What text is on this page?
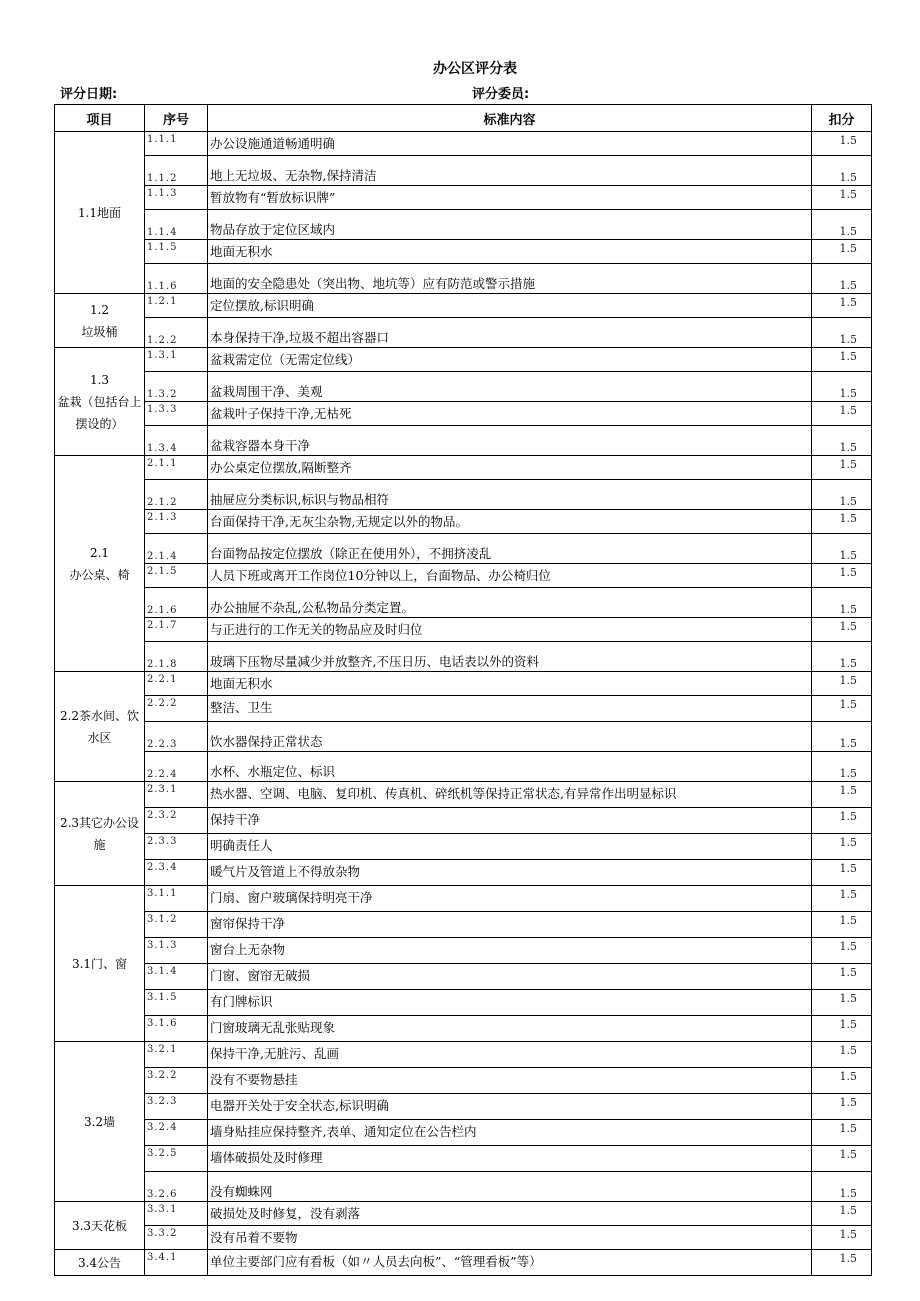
办公区评分表
评分日期:	评分委员:
项目	序号	标准内容	扣分
1.1地面	1.1.1	办公设施通道畅通明确	1.5
	1.1.2	地上无垃圾、无杂物,保持清洁	1.5
	1.1.3	暂放物有“暂放标识牌”	1.5
	1.1.4	物品存放于定位区域内	1.5
	1.1.5	地面无积水	1.5
	1.1.6	地面的安全隐患处（突出物、地坑等）应有防范或警示措施	1.5
1.2
垃圾桶	1.2.1	定位摆放,标识明确	1.5
	1.2.2	本身保持干净,垃圾不超出容器口	1.5
1.3
盆栽（包括台上摆设的）	1.3.1	盆栽需定位（无需定位线）	1.5
	1.3.2	盆栽周围干净、美观	1.5
	1.3.3	盆栽叶子保持干净,无枯死	1.5
	1.3.4	盆栽容器本身干净	1.5
2.1
办公桌、椅	2.1.1	办公桌定位摆放,隔断整齐	1.5
	2.1.2	抽屉应分类标识,标识与物品相符	1.5
	2.1.3	台面保持干净,无灰尘杂物,无规定以外的物品。	1.5
	2.1.4	台面物品按定位摆放（除正在使用外），不拥挤凌乱	1.5
	2.1.5	人员下班或离开工作岗位10分钟以上，台面物品、办公椅归位	1.5
	2.1.6	办公抽屉不杂乱,公私物品分类定置。	1.5
	2.1.7	与正进行的工作无关的物品应及时归位	1.5
	2.1.8	玻璃下压物尽量减少并放整齐,不压日历、电话表以外的资料	1.5
2.2茶水间、饮水区	2.2.1	地面无积水	1.5
	2.2.2	整洁、卫生	1.5
	2.2.3	饮水器保持正常状态	1.5
	2.2.4	水杯、水瓶定位、标识	1.5
2.3其它办公设施	2.3.1	热水器、空调、电脑、复印机、传真机、碎纸机等保持正常状态,有异常作出明显标识	1.5
	2.3.2	保持干净	1.5
	2.3.3	明确责任人	1.5
	2.3.4	暖气片及管道上不得放杂物	1.5
3.1门、窗	3.1.1	门扇、窗户玻璃保持明亮干净	1.5
	3.1.2	窗帘保持干净	1.5
	3.1.3	窗台上无杂物	1.5
	3.1.4	门窗、窗帘无破损	1.5
	3.1.5	有门牌标识	1.5
	3.1.6	门窗玻璃无乱张贴现象	1.5
3.2墙	3.2.1	保持干净,无脏污、乱画	1.5
	3.2.2	没有不要物悬挂	1.5
	3.2.3	电器开关处于安全状态,标识明确	1.5
	3.2.4	墙身贴挂应保持整齐,表单、通知定位在公告栏内	1.5
	3.2.5	墙体破损处及时修理	1.5
	3.2.6	没有蜘蛛网	1.5
3.3天花板	3.3.1	破损处及时修复，没有剥落	1.5
	3.3.2	没有吊着不要物	1.5
3.4公告	3.4.1	单位主要部门应有看板（如〃人员去向板”、“管理看板”等）	1.5
